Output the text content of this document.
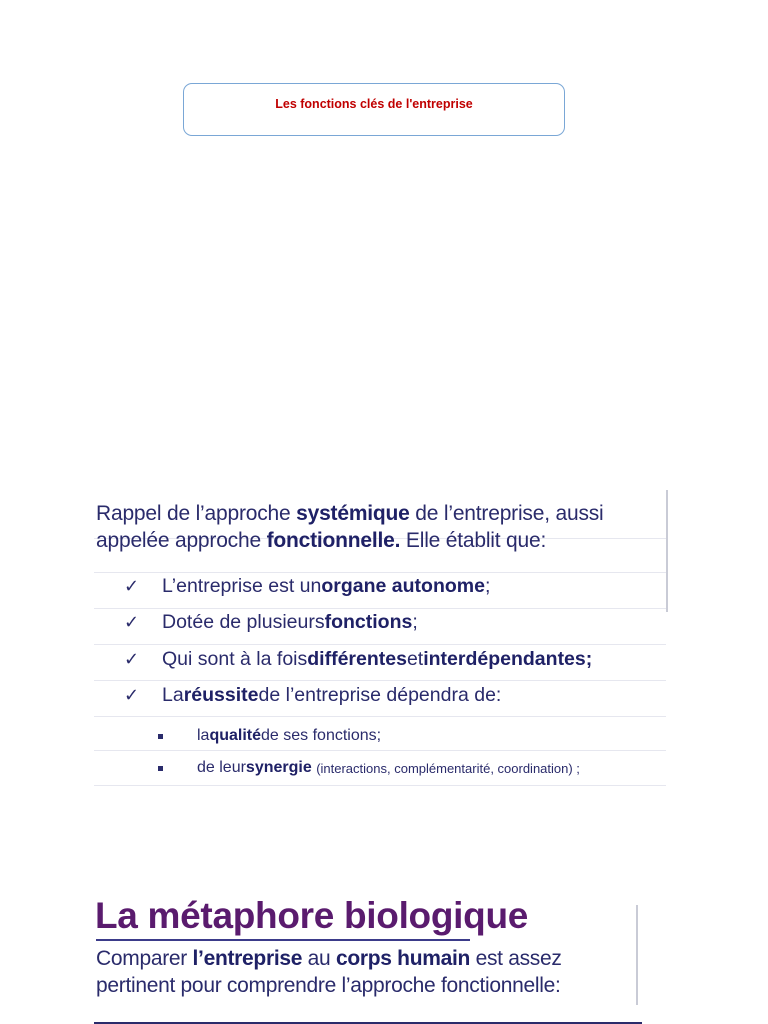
Les fonctions clés de l'entreprise
Rappel de l’approche systémique de l’entreprise, aussi appelée approche fonctionnelle. Elle établit que:
✓	L’entreprise est un organe autonome ;
✓	Dotée de plusieurs fonctions ;
✓	Qui sont à la fois différentes et interdépendantes;
✓	La réussite de l’entreprise dépendra de:
la qualité de ses fonctions;
de leur synergie
(interactions, complémentarité, coordination) ;
La métaphore biologique
Comparer l’entreprise au corps humain est assez pertinent pour comprendre l’approche fonctionnelle:
